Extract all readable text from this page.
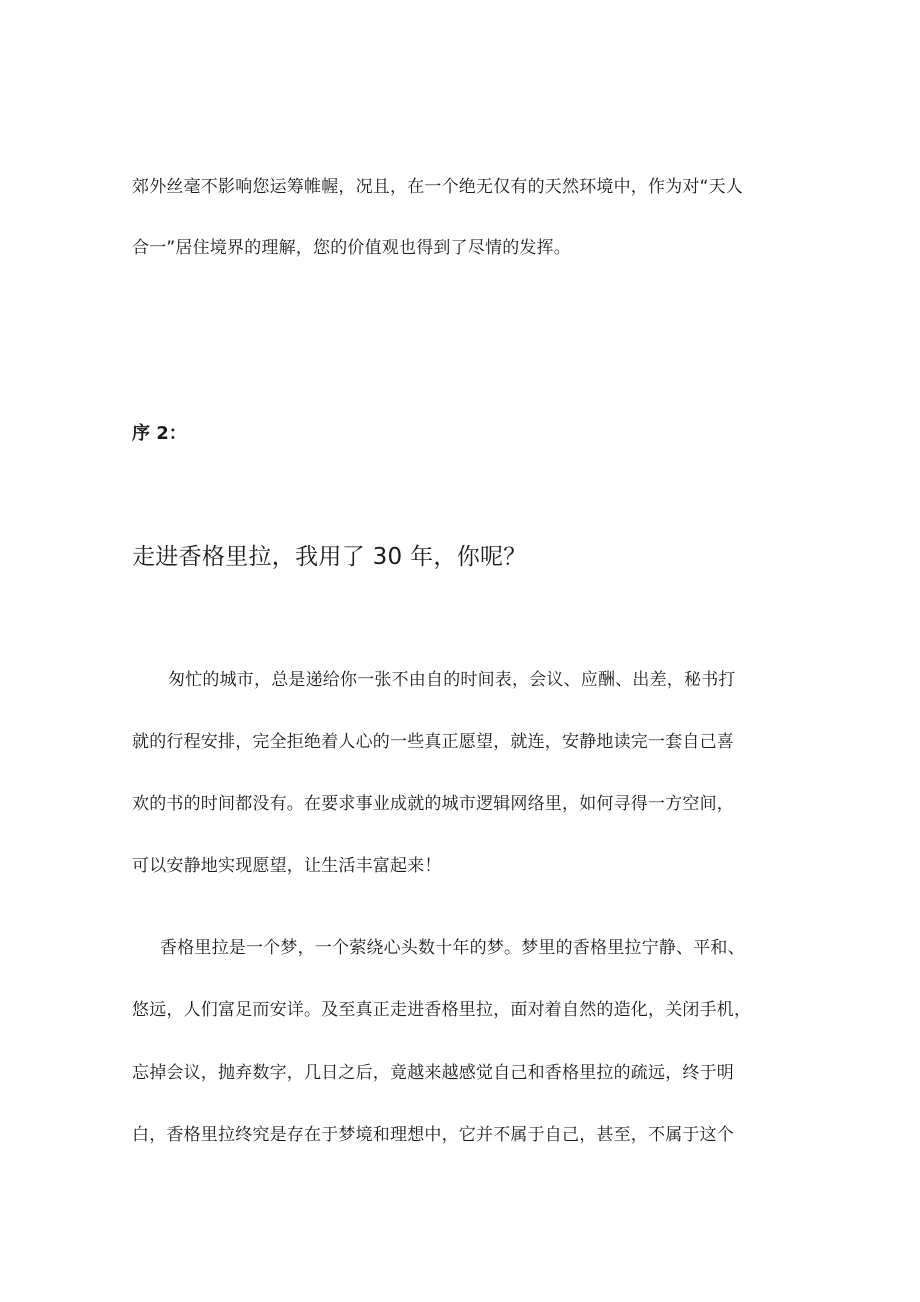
郊外丝毫不影响您运筹帷幄，况且，在一个绝无仅有的天然环境中，作为对“天人
合一”居住境界的理解，您的价值观也得到了尽情的发挥。
序 2：
走进香格里拉，我用了 30 年，你呢？
匆忙的城市，总是递给你一张不由自的时间表，会议、应酬、出差，秘书打
就的行程安排，完全拒绝着人心的一些真正愿望，就连，安静地读完一套自己喜
欢的书的时间都没有。在要求事业成就的城市逻辑网络里，如何寻得一方空间，
可以安静地实现愿望，让生活丰富起来！
香格里拉是一个梦，一个萦绕心头数十年的梦。梦里的香格里拉宁静、平和、
悠远，人们富足而安详。及至真正走进香格里拉，面对着自然的造化，关闭手机，
忘掉会议，抛弃数字，几日之后，竟越来越感觉自己和香格里拉的疏远，终于明
白，香格里拉终究是存在于梦境和理想中，它并不属于自己，甚至，不属于这个
